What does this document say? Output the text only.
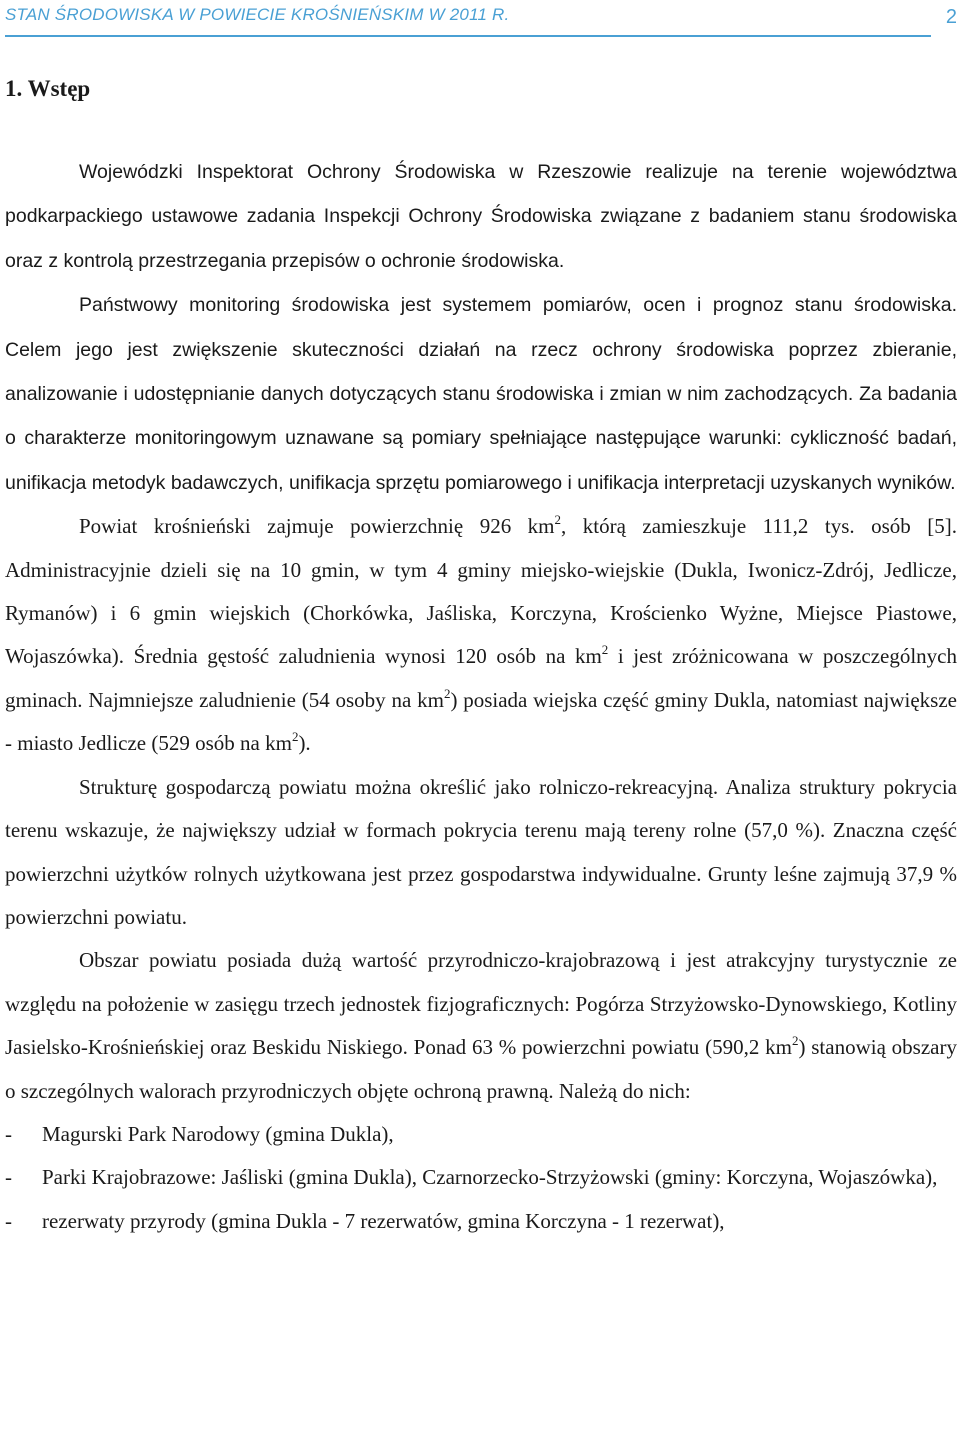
STAN ŚRODOWISKA W POWIECIE KROŚNIEŃSKIM W 2011 R.	2
1. Wstęp

Wojewódzki Inspektorat Ochrony Środowiska w Rzeszowie realizuje na terenie województwa podkarpackiego ustawowe zadania Inspekcji Ochrony Środowiska związane z badaniem stanu środowiska oraz z kontrolą przestrzegania przepisów o ochronie środowiska.

Państwowy monitoring środowiska jest systemem pomiarów, ocen i prognoz stanu środowiska. Celem jego jest zwiększenie skuteczności działań na rzecz ochrony środowiska poprzez zbieranie, analizowanie i udostępnianie danych dotyczących stanu środowiska i zmian w nim zachodzących. Za badania o charakterze monitoringowym uznawane są pomiary spełniające następujące warunki: cykliczność badań, unifikacja metodyk badawczych, unifikacja sprzętu pomiarowego i unifikacja interpretacji uzyskanych wyników.

Powiat krośnieński zajmuje powierzchnię 926 $km^2$, którą zamieszkuje 111,2 tys. osób [5]. Administracyjnie dzieli się na 10 gmin, w tym 4 gminy miejsko-wiejskie (Dukla, Iwonicz-Zdrój, Jedlicze, Rymanów) i 6 gmin wiejskich (Chorkówka, Jaśliska, Korczyna, Krościenko Wyżne, Miejsce Piastowe, Wojaszówka). Średnia gęstość zaludnienia wynosi 120 osób na $km^2$ i jest zróżnicowana w poszczególnych gminach. Najmniejsze zaludnienie (54 osoby na $km^2$) posiada wiejska część gminy Dukla, natomiast największe - miasto Jedlicze (529 osób na $km^2$).

Strukturę gospodarczą powiatu można określić jako rolniczo-rekreacyjną. Analiza struktury pokrycia terenu wskazuje, że największy udział w formach pokrycia terenu mają tereny rolne (57,0 %). Znaczna część powierzchni użytków rolnych użytkowana jest przez gospodarstwa indywidualne. Grunty leśne zajmują 37,9 % powierzchni powiatu.

Obszar powiatu posiada dużą wartość przyrodniczo-krajobrazową i jest atrakcyjny turystycznie ze względu na położenie w zasięgu trzech jednostek fizjograficznych: Pogórza Strzyżowsko-Dynowskiego, Kotliny Jasielsko-Krośnieńskiej oraz Beskidu Niskiego. Ponad 63 % powierzchni powiatu (590,2 $km^2$) stanowią obszary o szczególnych walorach przyrodniczych objęte ochroną prawną. Należą do nich:

- Magurski Park Narodowy (gmina Dukla),

- Parki Krajobrazowe: Jaśliski (gmina Dukla), Czarnorzecko-Strzyżowski (gminy: Korczyna, Wojaszówka),

- rezerwaty przyrody (gmina Dukla - 7 rezerwatów, gmina Korczyna - 1 rezerwat),
